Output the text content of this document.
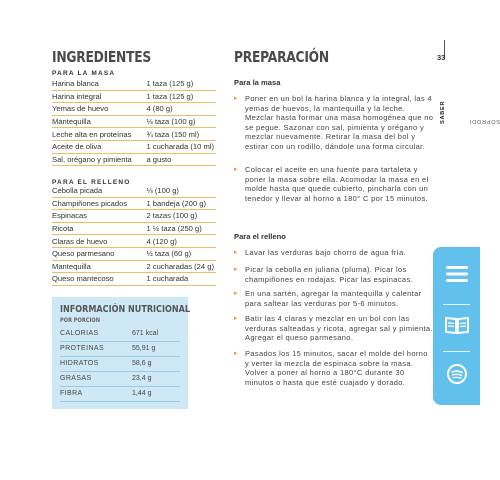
INGREDIENTES
PARA LA MASA
Harina blanca	1 taza (125 g)
Harina integral	1 taza (125 g)
Yemas de huevo	4 (80 g)
Mantequilla	⅓ taza (100 g)
Leche alta en proteínas	¾ taza (150 ml)
Aceite de oliva	1 cucharada (10 ml)
Sal, orégano y pimienta	a gusto
PARA EL RELLENO
Cebolla picada	⅓ (100 g)
Champiñones picados	1 bandeja (200 g)
Espinacas	2 tazas (100 g)
Ricota	1 ½ taza (250 g)
Claras de huevo	4 (120 g)
Queso parmesano	½ taza (60 g)
Mantequilla	2 cucharadas (24 g)
Queso mantecoso	1 cucharada
INFORMACIÓN NUTRICIONAL
POR PORCIÓN
CALORIAS	671 kcal
PROTEINAS	55,91 g
HIDRATOS	58,6 g
GRASAS	23,4 g
FIBRA	1,44 g
PREPARACIÓN
Para la masa
Para el relleno
▸ Poner en un bol la harina blanca y la integral, las 4 yemas de huevos, la mantequilla y la leche. Mezclar hasta formar una masa homogénea que no se pegue. Sazonar con sal, pimienta y orégano y mezclar nuevamente. Retirar la masa del bol y estirar con un rodillo, dándole una forma circular.
▸ Colocar el aceite en una fuente para tartaleta y poner la masa sobre ella. Acomodar la masa en el molde hasta que quede cubierto, pincharla con un tenedor y llevar al horno a 180° C por 15 minutos.
▸ Lavar las verduras bajo chorro de agua fría.
▸ Picar la cebolla en juliana (pluma). Picar los champiñones en rodajas. Picar las espinacas.
▸ En una sartén, agregar la mantequilla y calentar para saltear las verduras por 5-6 minutos.
▸ Batir las 4 claras y mezclar en un bol con las verduras salteadas y ricota, agregar sal y pimienta. Agregar el queso parmesano.
▸ Pasados los 15 minutos, sacar el molde del horno y verter la mezcla de espinaca sobre la masa. Volver a poner al horno a 180°C durante 30 minutos o hasta que esté cuajado y dorado.
33
SOPRODI
SABER
